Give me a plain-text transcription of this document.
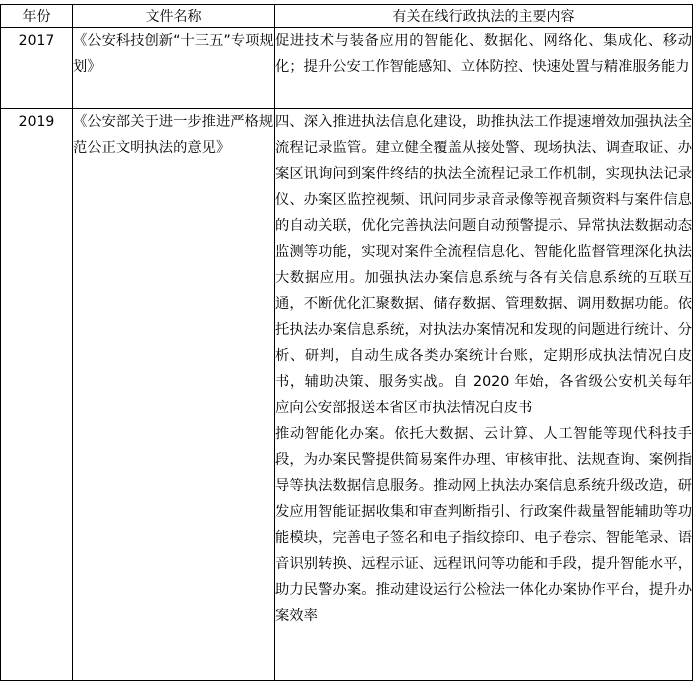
年份	文件名称	有关在线行政执法的主要内容
2017	《公安科技创新“十三五”专项规划》	促进技术与装备应用的智能化、数据化、网络化、集成化、移动化；提升公安工作智能感知、立体防控、快速处置与精准服务能力

2019	《公安部关于进一步推进严格规范公正文明执法的意见》	四、深入推进执法信息化建设，助推执法工作提速增效加强执法全流程记录监管。建立健全覆盖从接处警、现场执法、调查取证、办案区讯询问到案件终结的执法全流程记录工作机制，实现执法记录仪、办案区监控视频、讯问同步录音录像等视音频资料与案件信息的自动关联，优化完善执法问题自动预警提示、异常执法数据动态监测等功能，实现对案件全流程信息化、智能化监督管理深化执法大数据应用。加强执法办案信息系统与各有关信息系统的互联互通，不断优化汇聚数据、储存数据、管理数据、调用数据功能。依托执法办案信息系统，对执法办案情况和发现的问题进行统计、分析、研判，自动生成各类办案统计台账，定期形成执法情况白皮书，辅助决策、服务实战。自 2020 年始，各省级公安机关每年应向公安部报送本省区市执法情况白皮书
推动智能化办案。依托大数据、云计算、人工智能等现代科技手段，为办案民警提供简易案件办理、审核审批、法规查询、案例指导等执法数据信息服务。推动网上执法办案信息系统升级改造，研发应用智能证据收集和审查判断指引、行政案件裁量智能辅助等功能模块，完善电子签名和电子指纹捺印、电子卷宗、智能笔录、语音识别转换、远程示证、远程讯问等功能和手段，提升智能水平，助力民警办案。推动建设运行公检法一体化办案协作平台，提升办案效率
